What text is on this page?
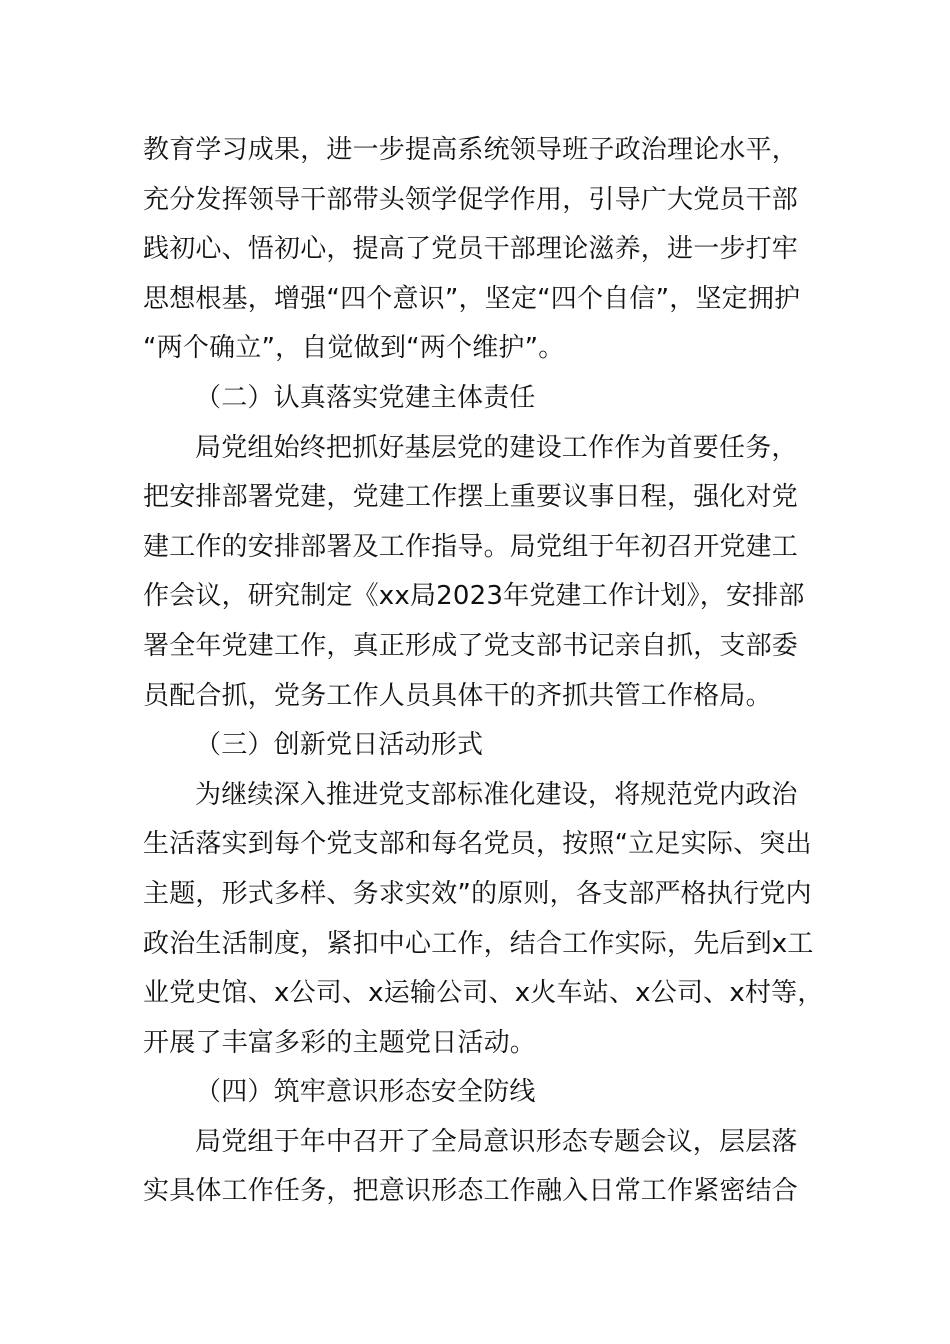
教育学习成果，进一步提高系统领导班子政治理论水平，
充分发挥领导干部带头领学促学作用，引导广大党员干部
践初心、悟初心，提高了党员干部理论滋养，进一步打牢
思想根基，增强“四个意识”，坚定“四个自信”，坚定拥护
“两个确立”，自觉做到“两个维护”。
（二）认真落实党建主体责任
局党组始终把抓好基层党的建设工作作为首要任务，
把安排部署党建，党建工作摆上重要议事日程，强化对党
建工作的安排部署及工作指导。局党组于年初召开党建工
作会议，研究制定《xx局2023年党建工作计划》，安排部
署全年党建工作，真正形成了党支部书记亲自抓，支部委
员配合抓，党务工作人员具体干的齐抓共管工作格局。
（三）创新党日活动形式
为继续深入推进党支部标准化建设，将规范党内政治
生活落实到每个党支部和每名党员，按照“立足实际、突出
主题，形式多样、务求实效”的原则，各支部严格执行党内
政治生活制度，紧扣中心工作，结合工作实际，先后到x工
业党史馆、x公司、x运输公司、x火车站、x公司、x村等，
开展了丰富多彩的主题党日活动。
（四）筑牢意识形态安全防线
局党组于年中召开了全局意识形态专题会议，层层落
实具体工作任务，把意识形态工作融入日常工作紧密结合
